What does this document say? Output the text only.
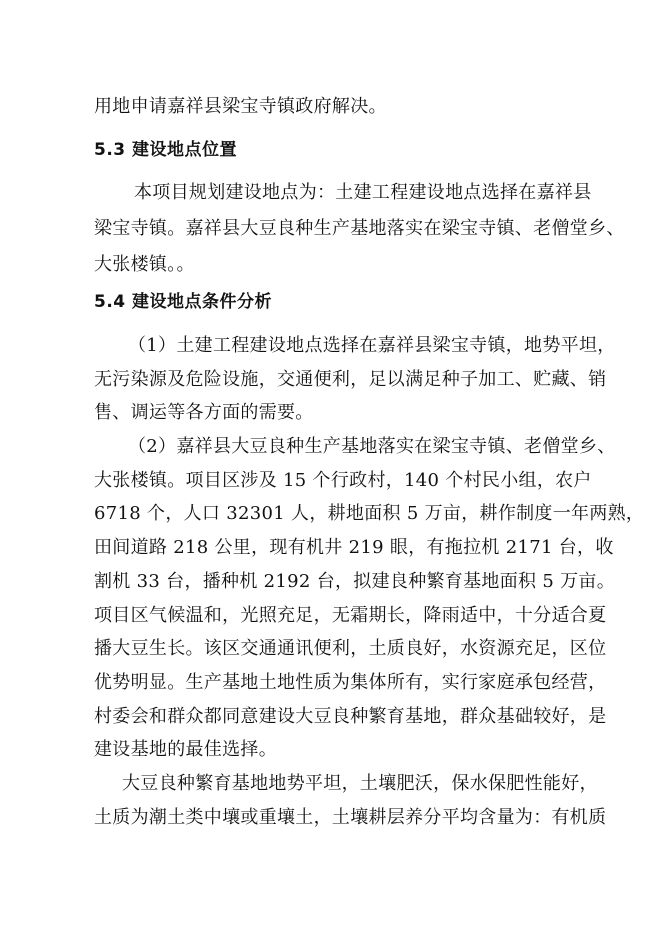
用地申请嘉祥县梁宝寺镇政府解决。
5.3 建设地点位置
本项目规划建设地点为：土建工程建设地点选择在嘉祥县
梁宝寺镇。嘉祥县大豆良种生产基地落实在梁宝寺镇、老僧堂乡、
大张楼镇。。
5.4 建设地点条件分析
（1）土建工程建设地点选择在嘉祥县梁宝寺镇，地势平坦，
无污染源及危险设施，交通便利，足以满足种子加工、贮藏、销
售、调运等各方面的需要。
（2）嘉祥县大豆良种生产基地落实在梁宝寺镇、老僧堂乡、
大张楼镇。项目区涉及 15 个行政村，140 个村民小组，农户
6718 个，人口 32301 人，耕地面积 5 万亩，耕作制度一年两熟，
田间道路 218 公里，现有机井 219 眼，有拖拉机 2171 台，收
割机 33 台，播种机 2192 台，拟建良种繁育基地面积 5 万亩。
项目区气候温和，光照充足，无霜期长，降雨适中，十分适合夏
播大豆生长。该区交通通讯便利，土质良好，水资源充足，区位
优势明显。生产基地土地性质为集体所有，实行家庭承包经营，
村委会和群众都同意建设大豆良种繁育基地，群众基础较好，是
建设基地的最佳选择。
大豆良种繁育基地地势平坦，土壤肥沃，保水保肥性能好，
土质为潮土类中壤或重壤土，土壤耕层养分平均含量为：有机质
